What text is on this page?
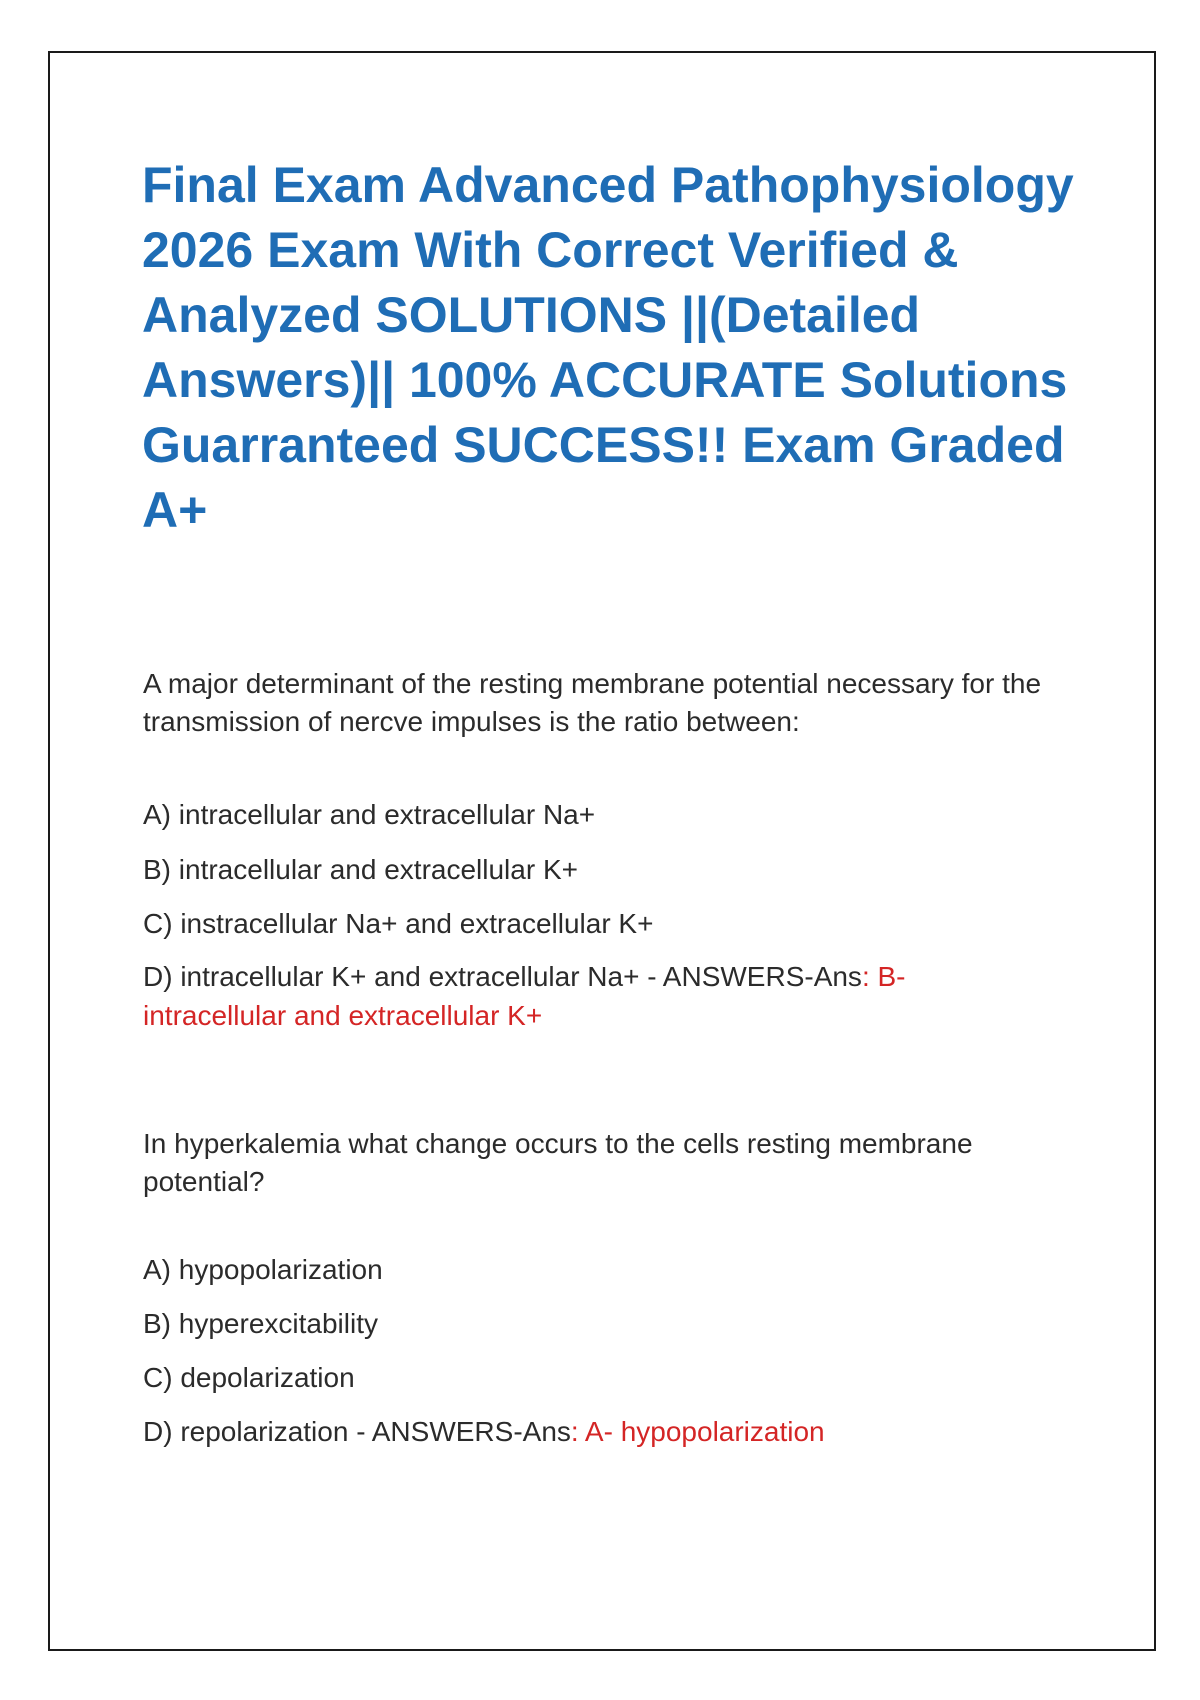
Final Exam Advanced Pathophysiology
2026 Exam With Correct Verified &
Analyzed SOLUTIONS ||(Detailed
Answers)|| 100% ACCURATE Solutions
Guarranteed SUCCESS!! Exam Graded
A+

A major determinant of the resting membrane potential necessary for the transmission of nercve impulses is the ratio between:

A) intracellular and extracellular Na+

B) intracellular and extracellular K+

C) instracellular Na+ and extracellular K+

D) intracellular K+ and extracellular Na+ - ANSWERS-Ans: B- intracellular and extracellular K+

In hyperkalemia what change occurs to the cells resting membrane potential?

A) hypopolarization

B) hyperexcitability

C) depolarization

D) repolarization - ANSWERS-Ans: A- hypopolarization
